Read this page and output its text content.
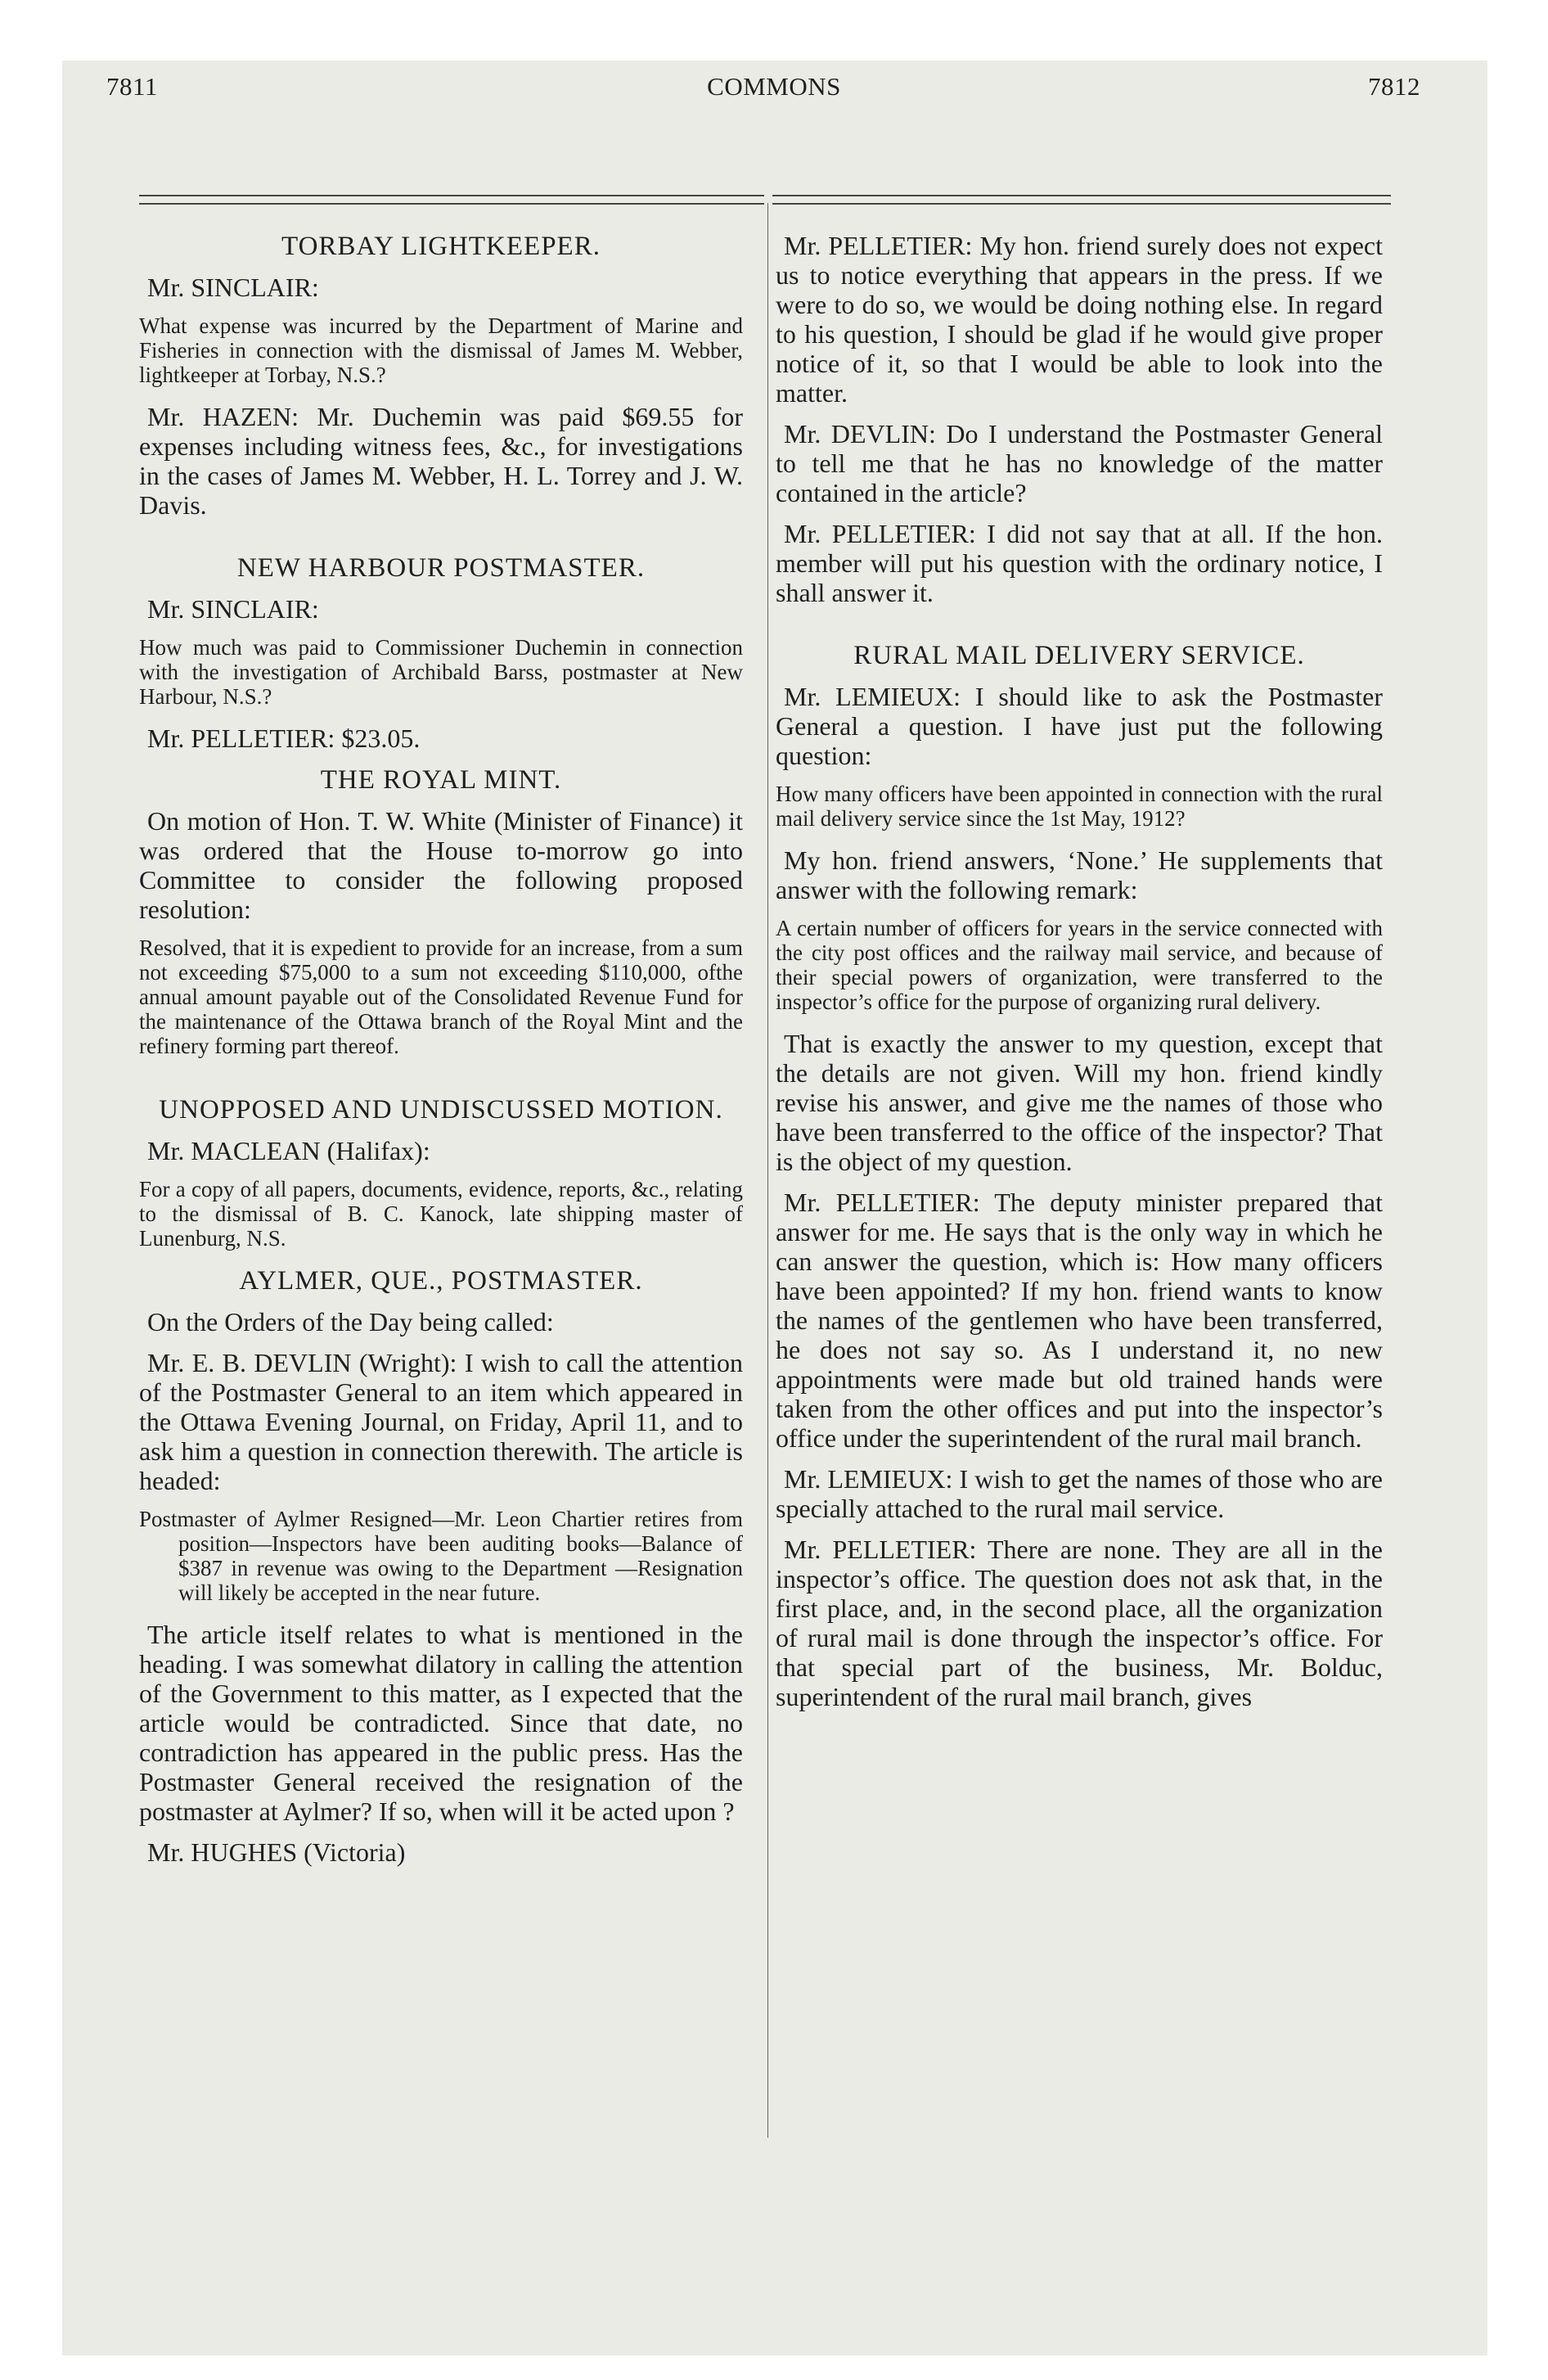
7811	COMMONS	7812
TORBAY LIGHTKEEPER.
Mr. SINCLAIR:
What expense was incurred by the Department of Marine and Fisheries in connection with the dismissal of James M. Webber, lightkeeper at Torbay, N.S.?
Mr. HAZEN: Mr. Duchemin was paid $69.55 for expenses including witness fees, &c., for investigations in the cases of James M. Webber, H. L. Torrey and J. W. Davis.
NEW HARBOUR POSTMASTER.
Mr. SINCLAIR:
How much was paid to Commissioner Duchemin in connection with the investigation of Archibald Barss, postmaster at New Harbour, N.S.?
Mr. PELLETIER: $23.05.
THE ROYAL MINT.
On motion of Hon. T. W. White (Minister of Finance) it was ordered that the House to-morrow go into Committee to consider the following proposed resolution:
Resolved, that it is expedient to provide for an increase, from a sum not exceeding $75,000 to a sum not exceeding $110,000, ofthe annual amount payable out of the Consolidated Revenue Fund for the maintenance of the Ottawa branch of the Royal Mint and the refinery forming part thereof.
UNOPPOSED AND UNDISCUSSED MOTION.
Mr. MACLEAN (Halifax):
For a copy of all papers, documents, evidence, reports, &c., relating to the dismissal of B. C. Kanock, late shipping master of Lunenburg, N.S.
AYLMER, QUE., POSTMASTER.
On the Orders of the Day being called:
Mr. E. B. DEVLIN (Wright): I wish to call the attention of the Postmaster General to an item which appeared in the Ottawa Evening Journal, on Friday, April 11, and to ask him a question in connection therewith. The article is headed:
Postmaster of Aylmer Resigned—Mr. Leon Chartier retires from position—Inspectors have been auditing books—Balance of $387 in revenue was owing to the Department —Resignation will likely be accepted in the near future.
The article itself relates to what is mentioned in the heading. I was somewhat dilatory in calling the attention of the Government to this matter, as I expected that the article would be contradicted. Since that date, no contradiction has appeared in the public press. Has the Postmaster General received the resignation of the postmaster at Aylmer? If so, when will it be acted upon ?
Mr. HUGHES (Victoria)
Mr. PELLETIER: My hon. friend surely does not expect us to notice everything that appears in the press. If we were to do so, we would be doing nothing else. In regard to his question, I should be glad if he would give proper notice of it, so that I would be able to look into the matter.
Mr. DEVLIN: Do I understand the Postmaster General to tell me that he has no knowledge of the matter contained in the article?
Mr. PELLETIER: I did not say that at all. If the hon. member will put his question with the ordinary notice, I shall answer it.
RURAL MAIL DELIVERY SERVICE.
Mr. LEMIEUX: I should like to ask the Postmaster General a question. I have just put the following question:
How many officers have been appointed in connection with the rural mail delivery service since the 1st May, 1912?
My hon. friend answers, ‘None.’ He supplements that answer with the following remark:
A certain number of officers for years in the service connected with the city post offices and the railway mail service, and because of their special powers of organization, were transferred to the inspector’s office for the purpose of organizing rural delivery.
That is exactly the answer to my question, except that the details are not given. Will my hon. friend kindly revise his answer, and give me the names of those who have been transferred to the office of the inspector? That is the object of my question.
Mr. PELLETIER: The deputy minister prepared that answer for me. He says that is the only way in which he can answer the question, which is: How many officers have been appointed? If my hon. friend wants to know the names of the gentlemen who have been transferred, he does not say so. As I understand it, no new appointments were made but old trained hands were taken from the other offices and put into the inspector’s office under the superintendent of the rural mail branch.
Mr. LEMIEUX: I wish to get the names of those who are specially attached to the rural mail service.
Mr. PELLETIER: There are none. They are all in the inspector’s office. The question does not ask that, in the first place, and, in the second place, all the organization of rural mail is done through the inspector’s office. For that special part of the business, Mr. Bolduc, superintendent of the rural mail branch, gives
